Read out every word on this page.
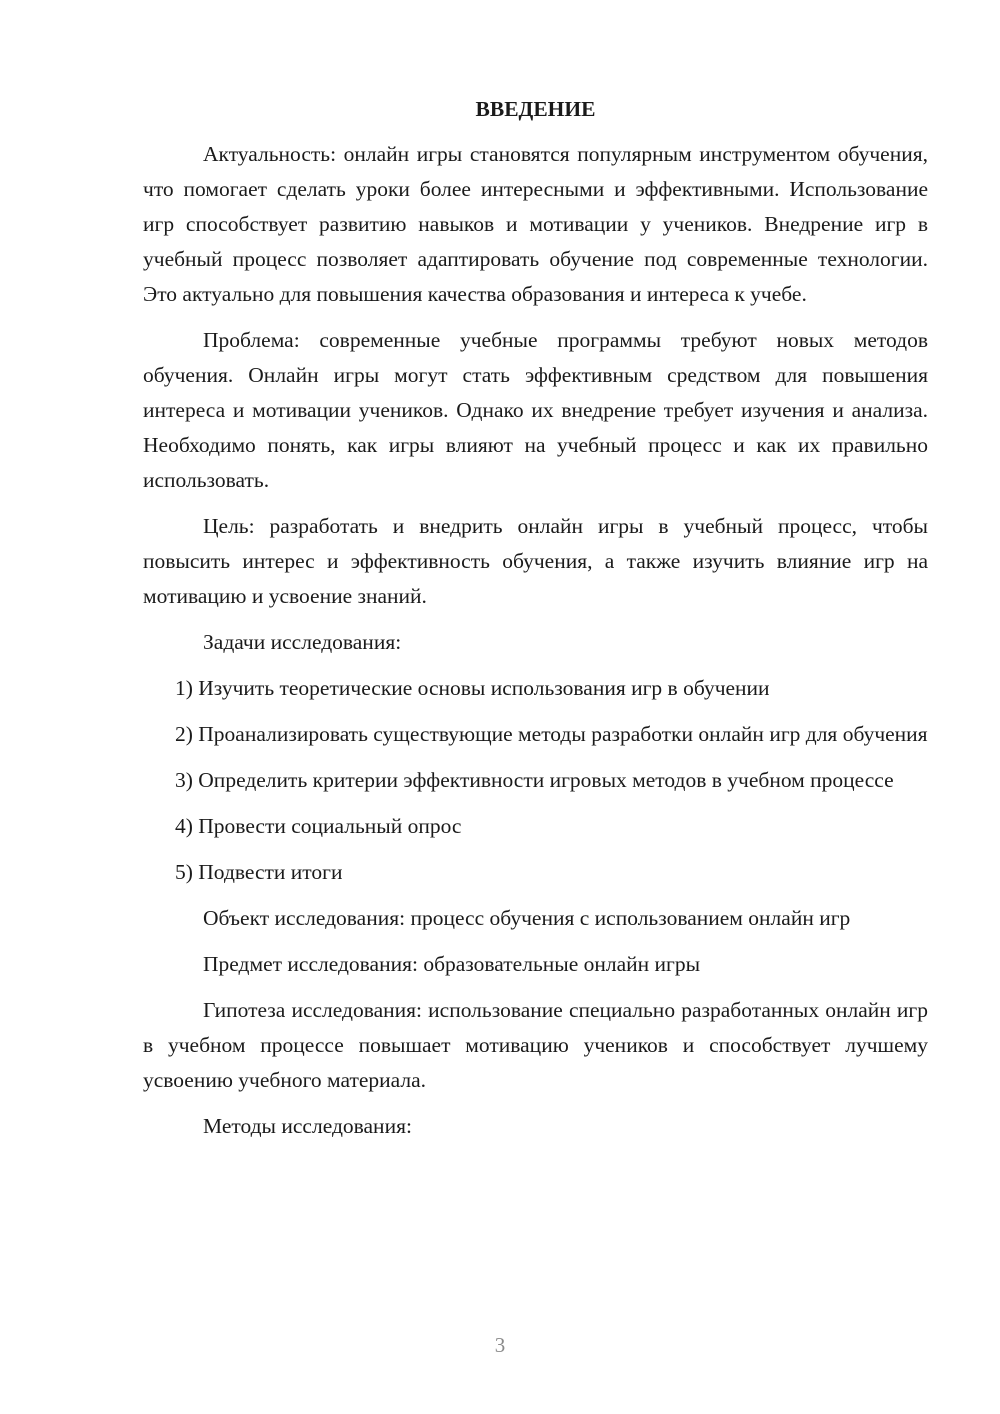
ВВЕДЕНИЕ

Актуальность: онлайн игры становятся популярным инструментом обучения, что помогает сделать уроки более интересными и эффективными. Использование игр способствует развитию навыков и мотивации у учеников. Внедрение игр в учебный процесс позволяет адаптировать обучение под современные технологии. Это актуально для повышения качества образования и интереса к учебе.

Проблема: современные учебные программы требуют новых методов обучения. Онлайн игры могут стать эффективным средством для повышения интереса и мотивации учеников. Однако их внедрение требует изучения и анализа. Необходимо понять, как игры влияют на учебный процесс и как их правильно использовать.

Цель: разработать и внедрить онлайн игры в учебный процесс, чтобы повысить интерес и эффективность обучения, а также изучить влияние игр на мотивацию и усвоение знаний.

Задачи исследования:

1) Изучить теоретические основы использования игр в обучении

2) Проанализировать существующие методы разработки онлайн игр для обучения

3) Определить критерии эффективности игровых методов в учебном процессе

4) Провести социальный опрос

5) Подвести итоги

Объект исследования: процесс обучения с использованием онлайн игр

Предмет исследования: образовательные онлайн игры

Гипотеза исследования: использование специально разработанных онлайн игр в учебном процессе повышает мотивацию учеников и способствует лучшему усвоению учебного материала.

Методы исследования:

3
